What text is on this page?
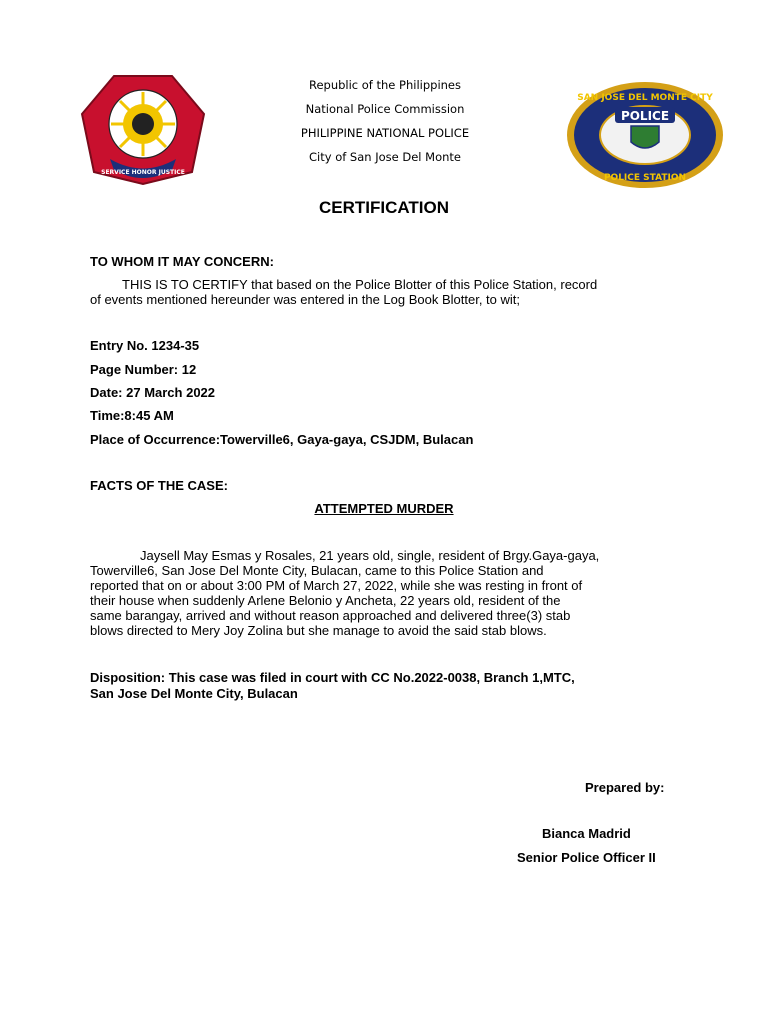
SERVICE HONOR JUSTICE
POLICE
SAN JOSE DEL MONTE CITY
POLICE STATION
Republic of the Philippines
National Police Commission
PHILIPPINE NATIONAL POLICE
City of San Jose Del Monte
CERTIFICATION
TO WHOM IT MAY CONCERN:
THIS IS TO CERTIFY that based on the Police Blotter of this Police Station, record
of events mentioned hereunder was entered in the Log Book Blotter, to wit;
Entry No. 1234-35
Page Number: 12
Date: 27 March 2022
Time:8:45 AM
Place of Occurrence:Towerville6, Gaya-gaya, CSJDM, Bulacan
FACTS OF THE CASE:
ATTEMPTED MURDER
Jaysell May Esmas y Rosales, 21 years old, single, resident of Brgy.Gaya-gaya,
Towerville6, San Jose Del Monte City, Bulacan, came to this Police Station and
reported that on or about 3:00 PM of March 27, 2022, while she was resting in front of
their house when suddenly Arlene Belonio y Ancheta, 22 years old, resident of the
same barangay, arrived and without reason approached and delivered three(3) stab
blows directed to Mery Joy Zolina but she manage to avoid the said stab blows.
Disposition: This case was filed in court with CC No.2022-0038, Branch 1,MTC,
San Jose Del Monte City, Bulacan
Prepared by:
Bianca Madrid
Senior Police Officer II
